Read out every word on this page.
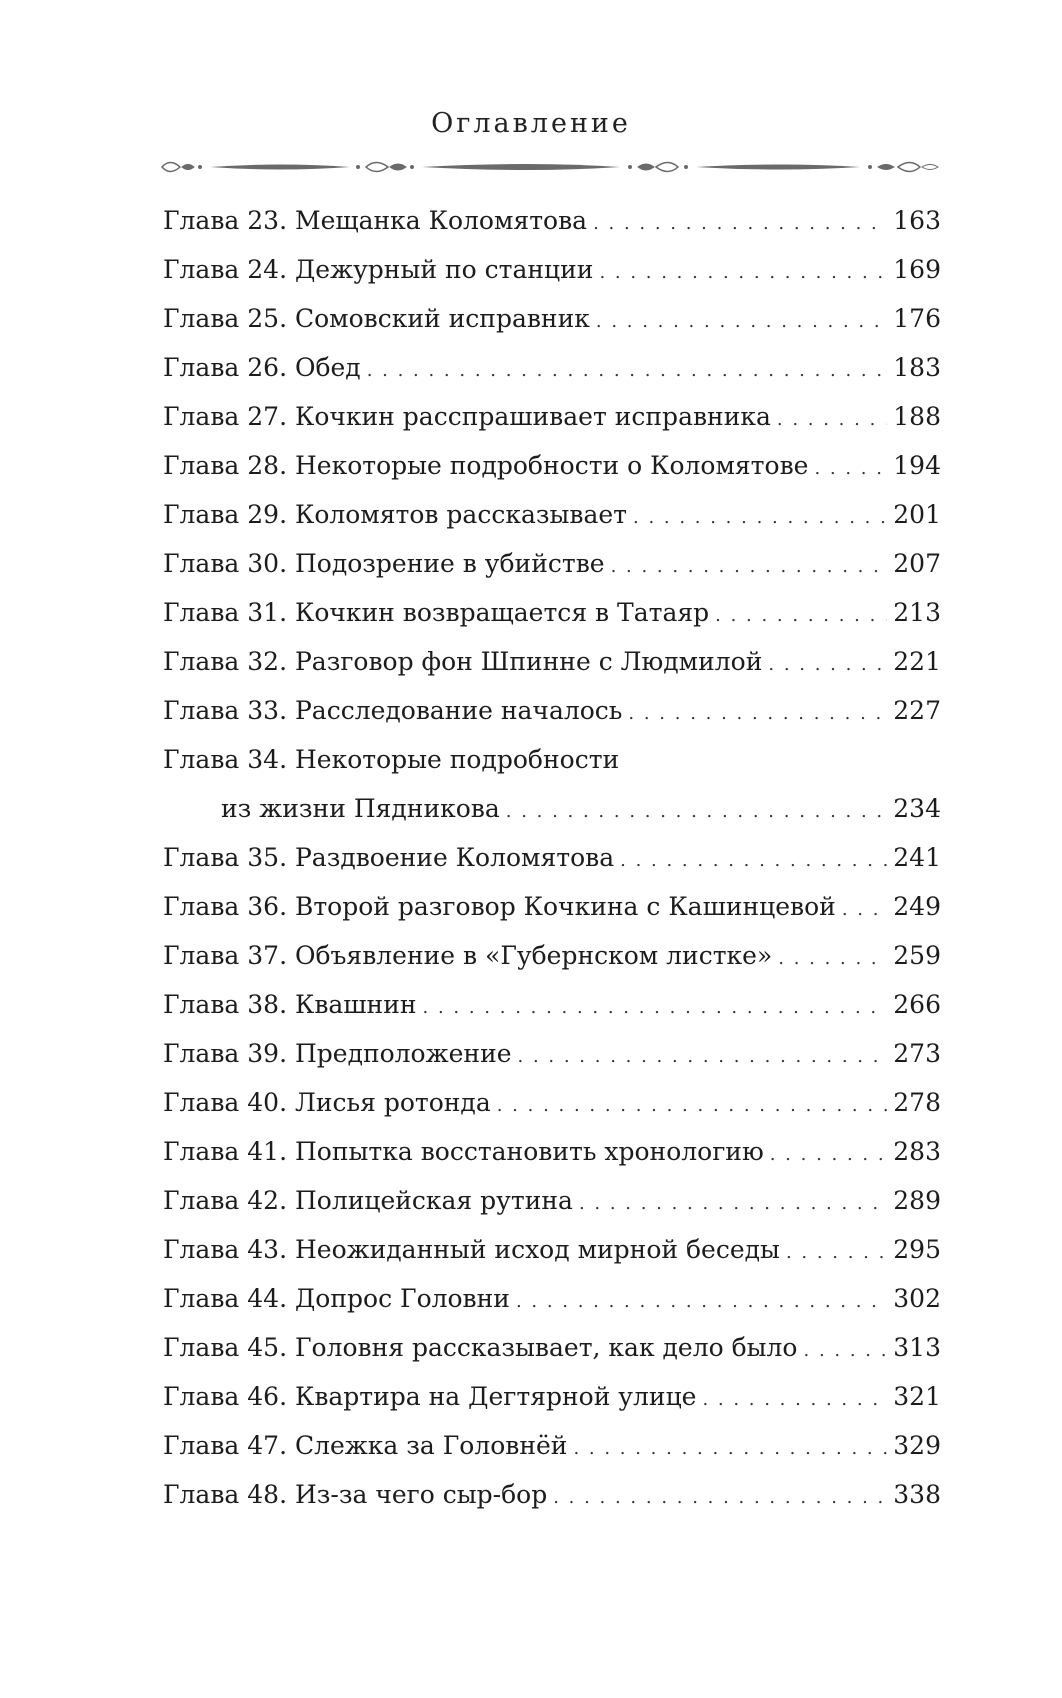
Оглавление
Глава 23. Мещанка Коломятова . . .	163
Глава 24. Дежурный по станции . . .	169
Глава 25. Сомовский исправник . . .	176
Глава 26. Обед . . .	183
Глава 27. Кочкин расспрашивает исправника . . .	188
Глава 28. Некоторые подробности о Коломятове . . .	194
Глава 29. Коломятов рассказывает . . .	201
Глава 30. Подозрение в убийстве . . .	207
Глава 31. Кочкин возвращается в Татаяр . . .	213
Глава 32. Разговор фон Шпинне с Людмилой . . .	221
Глава 33. Расследование началось . . .	227
Глава 34. Некоторые подробности
из жизни Пядникова . . .	234
Глава 35. Раздвоение Коломятова . . .	241
Глава 36. Второй разговор Кочкина с Кашинцевой . . . 249
Глава 37. Объявление в «Губернском листке» . . .	259
Глава 38. Квашнин . . .	266
Глава 39. Предположение . . .	273
Глава 40. Лисья ротонда . . .	278
Глава 41. Попытка восстановить хронологию . . .	283
Глава 42. Полицейская рутина . . .	289
Глава 43. Неожиданный исход мирной беседы . . .	295
Глава 44. Допрос Головни . . .	302
Глава 45. Головня рассказывает, как дело было . . .	313
Глава 46. Квартира на Дегтярной улице . . .	321
Глава 47. Слежка за Головнёй . . .	329
Глава 48. Из-за чего сыр-бор . . .	338
